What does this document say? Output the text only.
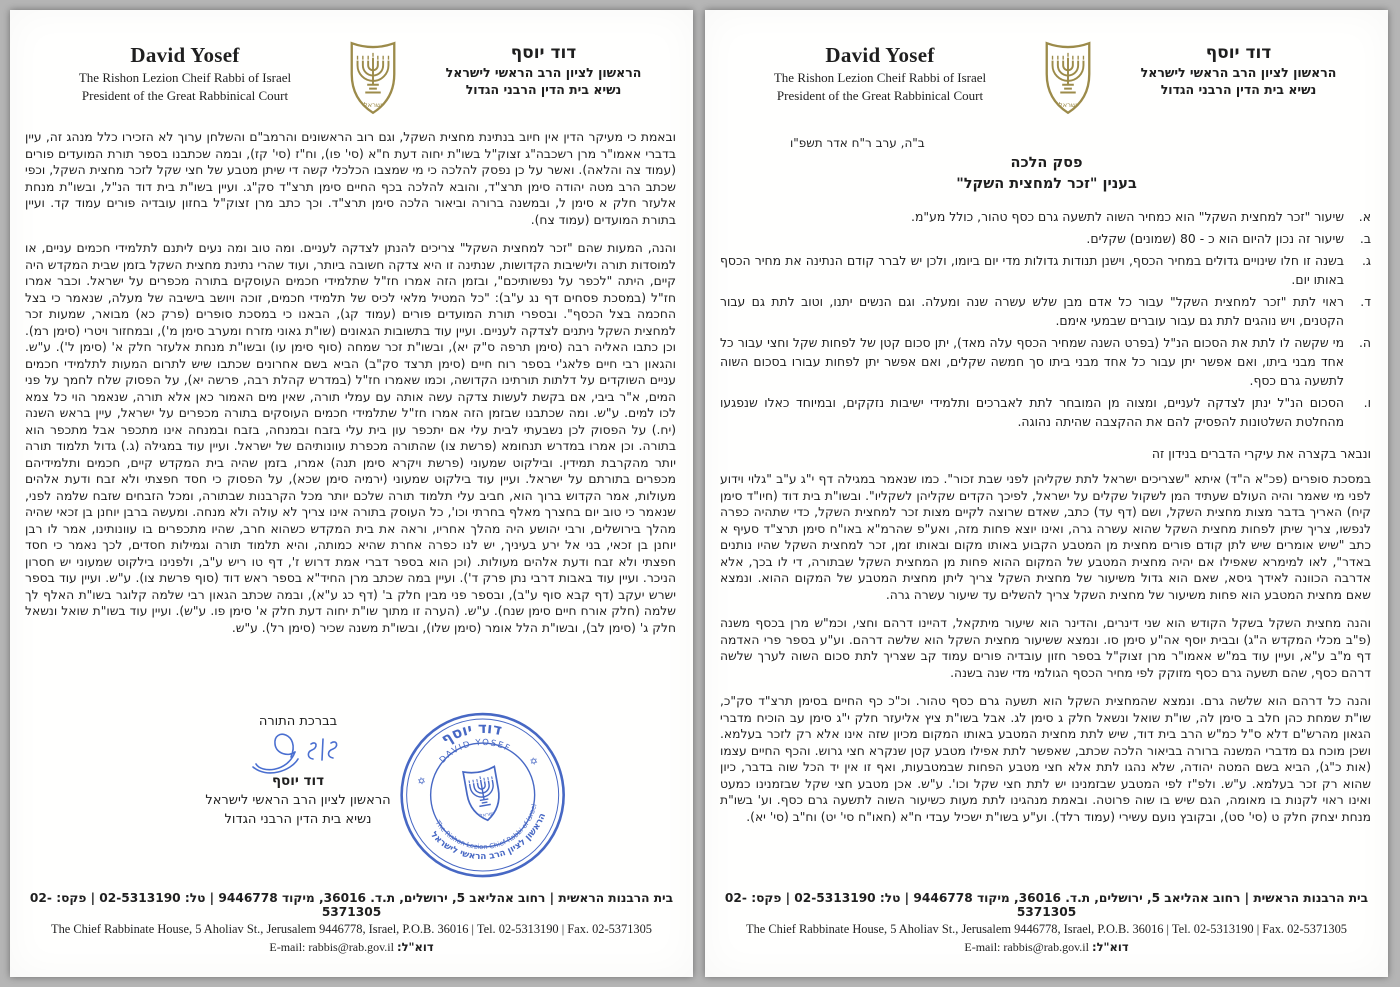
David Yosef
The Rishon Lezion Cheif Rabbi of Israel
President of the Great Rabbinical Court
דוד יוסף
הראשון לציון הרב הראשי לישראל
נשיא בית הדין הרבני הגדול

ובאמת כי מעיקר הדין אין חיוב בנתינת מחצית השקל, וגם רוב הראשונים והרמב"ם והשלחן ערוך לא הזכירו כלל מנהג זה, עיין בדברי אאמו"ר מרן רשכבה"ג זצוק"ל בשו"ת יחוה דעת ח"א (סי' פו), וח"ז (סי' קז), ובמה שכתבנו בספר תורת המועדים פורים (עמוד צה והלאה). ואשר על כן נפסק להלכה כי מי שמצבו הכלכלי קשה די שיתן מטבע של חצי שקל לזכר מחצית השקל, וכפי שכתב הרב מטה יהודה סימן תרצ"ד, והובא להלכה בכף החיים סימן תרצ"ד סק"ג. ועיין בשו"ת בית דוד הנ"ל, ובשו"ת מנחת אלעזר חלק א סימן ל, ובמשנה ברורה וביאור הלכה סימן תרצ"ד. וכך כתב מרן זצוק"ל בחזון עובדיה פורים עמוד קד. ועיין בתורת המועדים (עמוד צח).

והנה, המעות שהם "זכר למחצית השקל" צריכים להנתן לצדקה לעניים. ומה טוב ומה נעים ליתנם לתלמידי חכמים עניים, או למוסדות תורה ולישיבות הקדושות, שנתינה זו היא צדקה חשובה ביותר, ועוד שהרי נתינת מחצית השקל בזמן שבית המקדש היה קיים, היתה "לכפר על נפשותיכם", ובזמן הזה אמרו חז"ל שתלמידי חכמים העוסקים בתורה מכפרים על ישראל. וכבר אמרו חז"ל (במסכת פסחים דף נג ע"ב): "כל המטיל מלאי לכיס של תלמידי חכמים, זוכה ויושב בישיבה של מעלה, שנאמר כי בצל החכמה בצל הכסף". ובספרי תורת המועדים פורים (עמוד קג), הבאנו כי במסכת סופרים (פרק כא) מבואר, שמעות זכר למחצית השקל ניתנים לצדקה לעניים. ועיין עוד בתשובות הגאונים (שו"ת גאוני מזרח ומערב סימן מ'), ובמחזור ויטרי (סימן רמ). וכן כתבו האליה רבה (סימן תרפה ס"ק יא), ובשו"ת זכר שמחה (סוף סימן עו) ובשו"ת מנחת אלעזר חלק א' (סימן ל'). ע"ש. והגאון רבי חיים פלאג'י בספר רוח חיים (סימן תרצד סק"ב) הביא בשם אחרונים שכתבו שיש לתרום המעות לתלמידי חכמים עניים השוקדים על דלתות תורתינו הקדושה, וכמו שאמרו חז"ל (במדרש קהלת רבה, פרשה יא), על הפסוק שלח לחמך על פני המים, א"ר ביבי, אם בקשת לעשות צדקה עשה אותה עם עמלי תורה, שאין מים האמור כאן אלא תורה, שנאמר הוי כל צמא לכו למים. ע"ש. ומה שכתבנו שבזמן הזה אמרו חז"ל שתלמידי חכמים העוסקים בתורה מכפרים על ישראל, עיין בראש השנה (יח.) על הפסוק לכן נשבעתי לבית עלי אם יתכפר עון בית עלי בזבח ובמנחה, בזבח ובמנחה אינו מתכפר אבל מתכפר הוא בתורה. וכן אמרו במדרש תנחומא (פרשת צו) שהתורה מכפרת עוונותיהם של ישראל. ועיין עוד במגילה (ג.) גדול תלמוד תורה יותר מהקרבת תמידין. ובילקוט שמעוני (פרשת ויקרא סימן תנה) אמרו, בזמן שהיה בית המקדש קיים, חכמים ותלמידיהם מכפרים בתורתם על ישראל. ועיין עוד בילקוט שמעוני (ירמיה סימן שכא), על הפסוק כי חסד חפצתי ולא זבח ודעת אלהים מעולות, אמר הקדוש ברוך הוא, חביב עלי תלמוד תורה שלכם יותר מכל הקרבנות שבתורה, ומכל הזבחים שזבח שלמה לפני, שנאמר כי טוב יום בחצרך מאלף בחרתי וכו', כל העוסק בתורה אינו צריך לא עולה ולא מנחה. ומעשה ברבן יוחנן בן זכאי שהיה מהלך בירושלים, ורבי יהושע היה מהלך אחריו, וראה את בית המקדש כשהוא חרב, שהיו מתכפרים בו עוונותינו, אמר לו רבן יוחנן בן זכאי, בני אל ירע בעיניך, יש לנו כפרה אחרת שהיא כמותה, והיא תלמוד תורה וגמילות חסדים, לכך נאמר כי חסד חפצתי ולא זבח ודעת אלהים מעולות. (וכן הוא בספר דברי אמת דרוש ז', דף טו ריש ע"ב, ולפנינו בילקוט שמעוני יש חסרון הניכר. ועיין עוד באבות דרבי נתן פרק ד'). ועיין במה שכתב מרן החיד"א בספר ראש דוד (סוף פרשת צו). ע"ש. ועיין עוד בספר ישרש יעקב (דף קבא סוף ע"ב), ובספר פני מבין חלק ב' (דף כג ע"א), ובמה שכתב הגאון רבי שלמה קלוגר בשו"ת האלף לך שלמה (חלק אורח חיים סימן שנח). ע"ש. (הערה זו מתוך שו"ת יחוה דעת חלק א' סימן פו. ע"ש). ועיין עוד בשו"ת שואל ונשאל חלק ג' (סימן לב), ובשו"ת הלל אומר (סימן שלו), ובשו"ת משנה שכיר (סימן רל). ע"ש.

בברכת התורה
דוד יוסף
הראשון לציון הרב הראשי לישראל
נשיא בית הדין הרבני הגדול
דוד יוסף
DAVID YOSEF
הראשון לציון הרב הראשי לישראל
The Rishon Lezion Chief Rabbi of Israel
✡
✡
בית הרבנות הראשית | רחוב אהליאב 5, ירושלים, ת.ד. 36016, מיקוד 9446778 | טל: 02-5313190 | פקס: 02-5371305
The Chief Rabbinate House, 5 Aholiav St., Jerusalem 9446778, Israel, P.O.B. 36016 | Tel. 02-5313190 | Fax. 02-5371305
דוא"ל: E-mail: rabbis@rab.gov.il
David Yosef
The Rishon Lezion Cheif Rabbi of Israel
President of the Great Rabbinical Court
דוד יוסף
הראשון לציון הרב הראשי לישראל
נשיא בית הדין הרבני הגדול
ב"ה, ערב ר"ח אדר תשפ"ו
פסק הלכה
בענין "זכר למחצית השקל"
א.
שיעור "זכר למחצית השקל" הוא כמחיר השוה לתשעה גרם כסף טהור, כולל מע"מ.
ב.
שיעור זה נכון להיום הוא כ - 80 (שמונים) שקלים.
ג.
בשנה זו חלו שינויים גדולים במחיר הכסף, וישנן תנודות גדולות מדי יום ביומו, ולכן יש לברר קודם הנתינה את מחיר הכסף באותו יום.
ד.
ראוי לתת "זכר למחצית השקל" עבור כל אדם מבן שלש עשרה שנה ומעלה. וגם הנשים יתנו, וטוב לתת גם עבור הקטנים, ויש נוהגים לתת גם עבור עוברים שבמעי אימם.
ה.
מי שקשה לו לתת את הסכום הנ"ל (בפרט השנה שמחיר הכסף עלה מאד), יתן סכום קטן של לפחות שקל וחצי עבור כל אחד מבני ביתו, ואם אפשר יתן עבור כל אחד מבני ביתו סך חמשה שקלים, ואם אפשר יתן לפחות עבורו בסכום השוה לתשעה גרם כסף.
ו.
הסכום הנ"ל ינתן לצדקה לעניים, ומצוה מן המובחר לתת לאברכים ותלמידי ישיבות נזקקים, ובמיוחד כאלו שנפגעו מהחלטת השלטונות להפסיק להם את ההקצבה שהיתה נהוגה.
ונבאר בקצרה את עיקרי הדברים בנידון זה

במסכת סופרים (פכ"א ה"ד) איתא "שצריכים ישראל לתת שקליהן לפני שבת זכור". כמו שנאמר במגילה דף י"ג ע"ב "גלוי וידוע לפני מי שאמר והיה העולם שעתיד המן לשקול שקלים על ישראל, לפיכך הקדים שקליהן לשקליו". ובשו"ת בית דוד (חיו"ד סימן קיח) האריך בדבר מצות מחצית השקל, ושם (דף עד) כתב, שאדם שרוצה לקיים מצות זכר למחצית השקל, כדי שתהיה כפרה לנפשו, צריך שיתן לפחות מחצית השקל שהוא עשרה גרה, ואינו יוצא פחות מזה, ואע"פ שהרמ"א באו"ח סימן תרצ"ד סעיף א כתב "שיש אומרים שיש לתן קודם פורים מחצית מן המטבע הקבוע באותו מקום ובאותו זמן, זכר למחצית השקל שהיו נותנים באדר", לאו למימרא שאפילו אם יהיה מחצית המטבע של המקום ההוא פחות מן המחצית השקל שבתורה, די לו בכך, אלא אדרבה הכוונה לאידך גיסא, שאם הוא גדול משיעור של מחצית השקל צריך ליתן מחצית המטבע של המקום ההוא. ונמצא שאם מחצית המטבע הוא פחות משיעור של מחצית השקל צריך להשלים עד שיעור עשרה גרה.

והנה מחצית השקל בשקל הקודש הוא שני דינרים, והדינר הוא שיעור מיתקאל, דהיינו דרהם וחצי, וכמ"ש מרן בכסף משנה (פ"ב מכלי המקדש ה"ג) ובבית יוסף אה"ע סימן סו. ונמצא ששיעור מחצית השקל הוא שלשה דרהם. וע"ע בספר פרי האדמה דף מ"ב ע"א, ועיין עוד במ"ש אאמו"ר מרן זצוק"ל בספר חזון עובדיה פורים עמוד קב שצריך לתת סכום השוה לערך שלשה דרהם כסף, שהם תשעה גרם כסף מזוקק לפי מחיר הכסף הגולמי מדי שנה בשנה.

והנה כל דרהם הוא שלשה גרם. ונמצא שהמחצית השקל הוא תשעה גרם כסף טהור. וכ"כ כף החיים בסימן תרצ"ד סק"כ, שו"ת שמחת כהן חלב ב סימן לה, שו"ת שואל ונשאל חלק ג סימן לג. אבל בשו"ת ציץ אליעזר חלק י"ג סימן עב הוכיח מדברי הגאון מהרש"ם דלא ס"ל כמ"ש הרב בית דוד, שיש לתת מחצית המטבע באותו המקום מכיון שזה אינו אלא רק לזכר בעלמא. ושכן מוכח גם מדברי המשנה ברורה בביאור הלכה שכתב, שאפשר לתת אפילו מטבע קטן שנקרא חצי גרוש. והכף החיים עצמו (אות כ"ג), הביא בשם המטה יהודה, שלא נהגו לתת אלא חצי מטבע הפחות שבמטבעות, ואף זו אין יד הכל שוה בדבר, כיון שהוא רק זכר בעלמא. ע"ש. ולפ"ז לפי המטבע שבזמנינו יש לתת חצי שקל וכו'. ע"ש. אכן מטבע חצי שקל שבזמנינו כמעט ואינו ראוי לקנות בו מאומה, הגם שיש בו שוה פרוטה. ובאמת מנהגינו לתת מעות כשיעור השוה לתשעה גרם כסף. וע' בשו"ת מנחת יצחק חלק ט (סי' סט), ובקובץ נועם עשירי (עמוד רלד). וע"ע בשו"ת ישכיל עבדי ח"א (חאו"ח סי' יט) וח"ב (סי' יא).

בית הרבנות הראשית | רחוב אהליאב 5, ירושלים, ת.ד. 36016, מיקוד 9446778 | טל: 02-5313190 | פקס: 02-5371305
The Chief Rabbinate House, 5 Aholiav St., Jerusalem 9446778, Israel, P.O.B. 36016 | Tel. 02-5313190 | Fax. 02-5371305
דוא"ל: E-mail: rabbis@rab.gov.il
